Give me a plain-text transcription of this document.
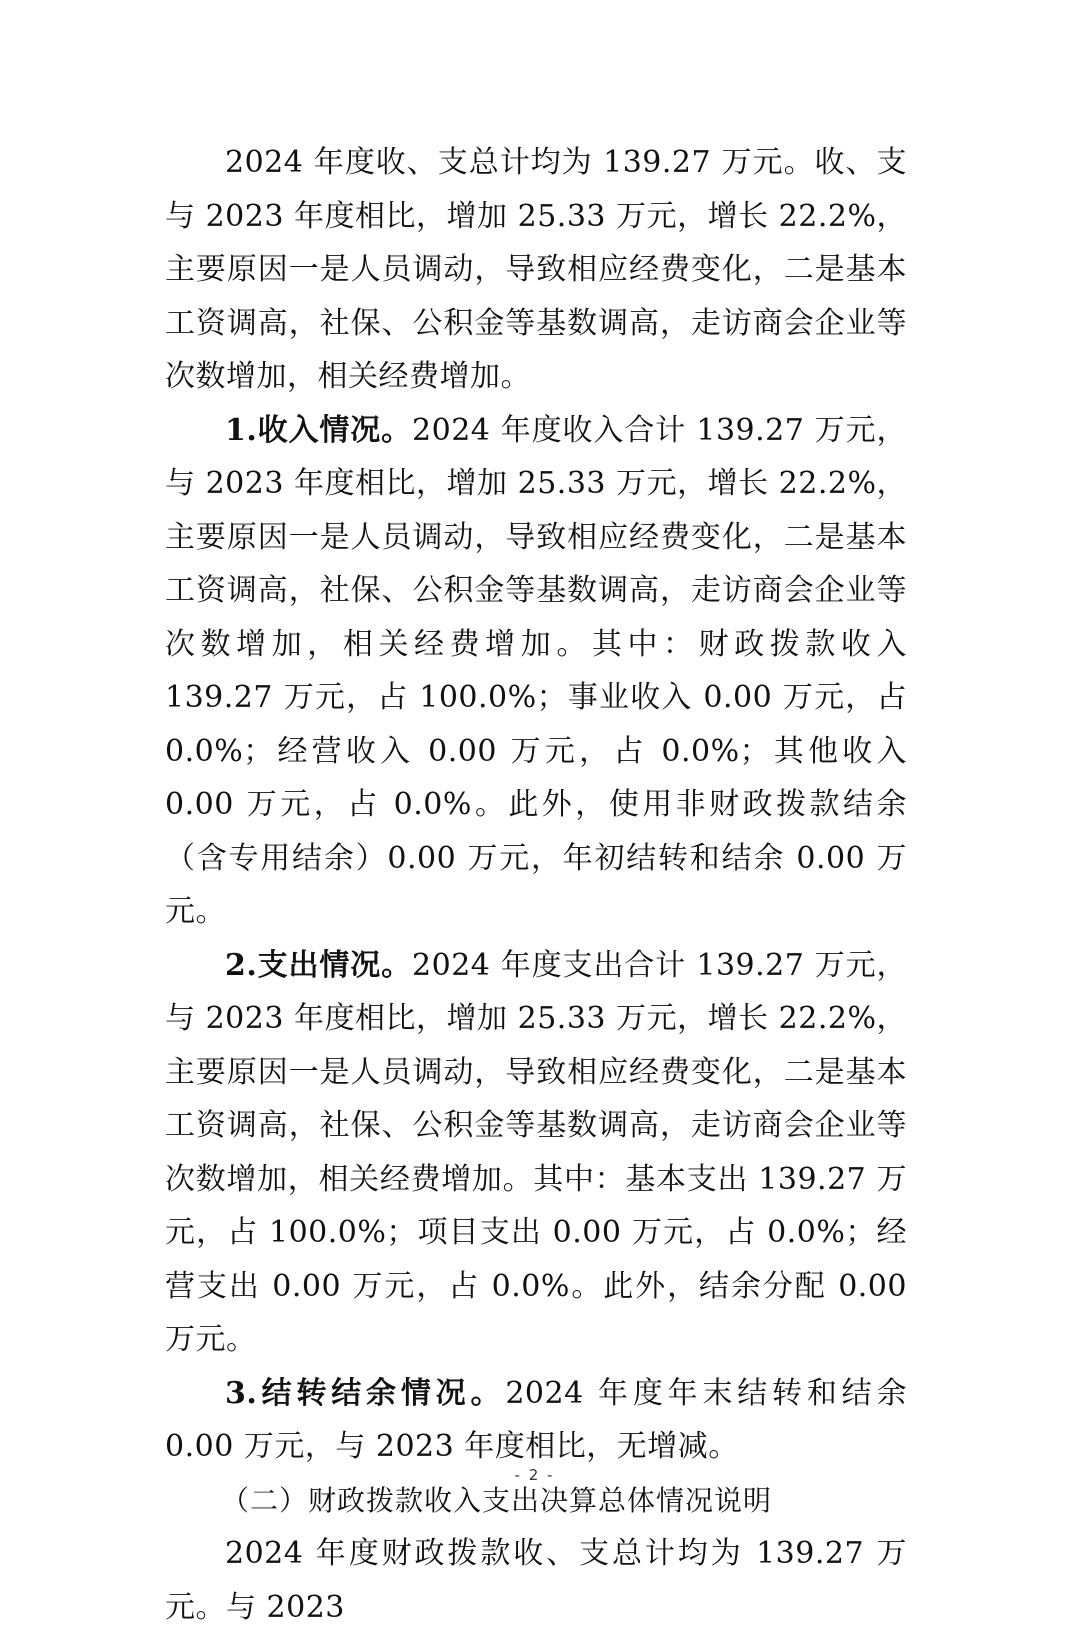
2024 年度收、支总计均为 139.27 万元。收、支与 2023 年度相比，增加 25.33 万元，增长 22.2%，主要原因一是人员调动，导致相应经费变化，二是基本工资调高，社保、公积金等基数调高，走访商会企业等次数增加，相关经费增加。

1.收入情况。2024 年度收入合计 139.27 万元，与 2023 年度相比，增加 25.33 万元，增长 22.2%，主要原因一是人员调动，导致相应经费变化，二是基本工资调高，社保、公积金等基数调高，走访商会企业等次数增加，相关经费增加。其中：财政拨款收入 139.27 万元，占 100.0%；事业收入 0.00 万元，占 0.0%；经营收入 0.00 万元，占 0.0%；其他收入 0.00 万元，占 0.0%。此外，使用非财政拨款结余（含专用结余）0.00 万元，年初结转和结余 0.00 万元。

2.支出情况。2024 年度支出合计 139.27 万元，与 2023 年度相比，增加 25.33 万元，增长 22.2%，主要原因一是人员调动，导致相应经费变化，二是基本工资调高，社保、公积金等基数调高，走访商会企业等次数增加，相关经费增加。其中：基本支出 139.27 万元，占 100.0%；项目支出 0.00 万元，占 0.0%；经营支出 0.00 万元，占 0.0%。此外，结余分配 0.00 万元。

3.结转结余情况。2024 年度年末结转和结余 0.00 万元，与 2023 年度相比，无增减。

（二）财政拨款收入支出决算总体情况说明

2024 年度财政拨款收、支总计均为 139.27 万元。与 2023

- 2 -
